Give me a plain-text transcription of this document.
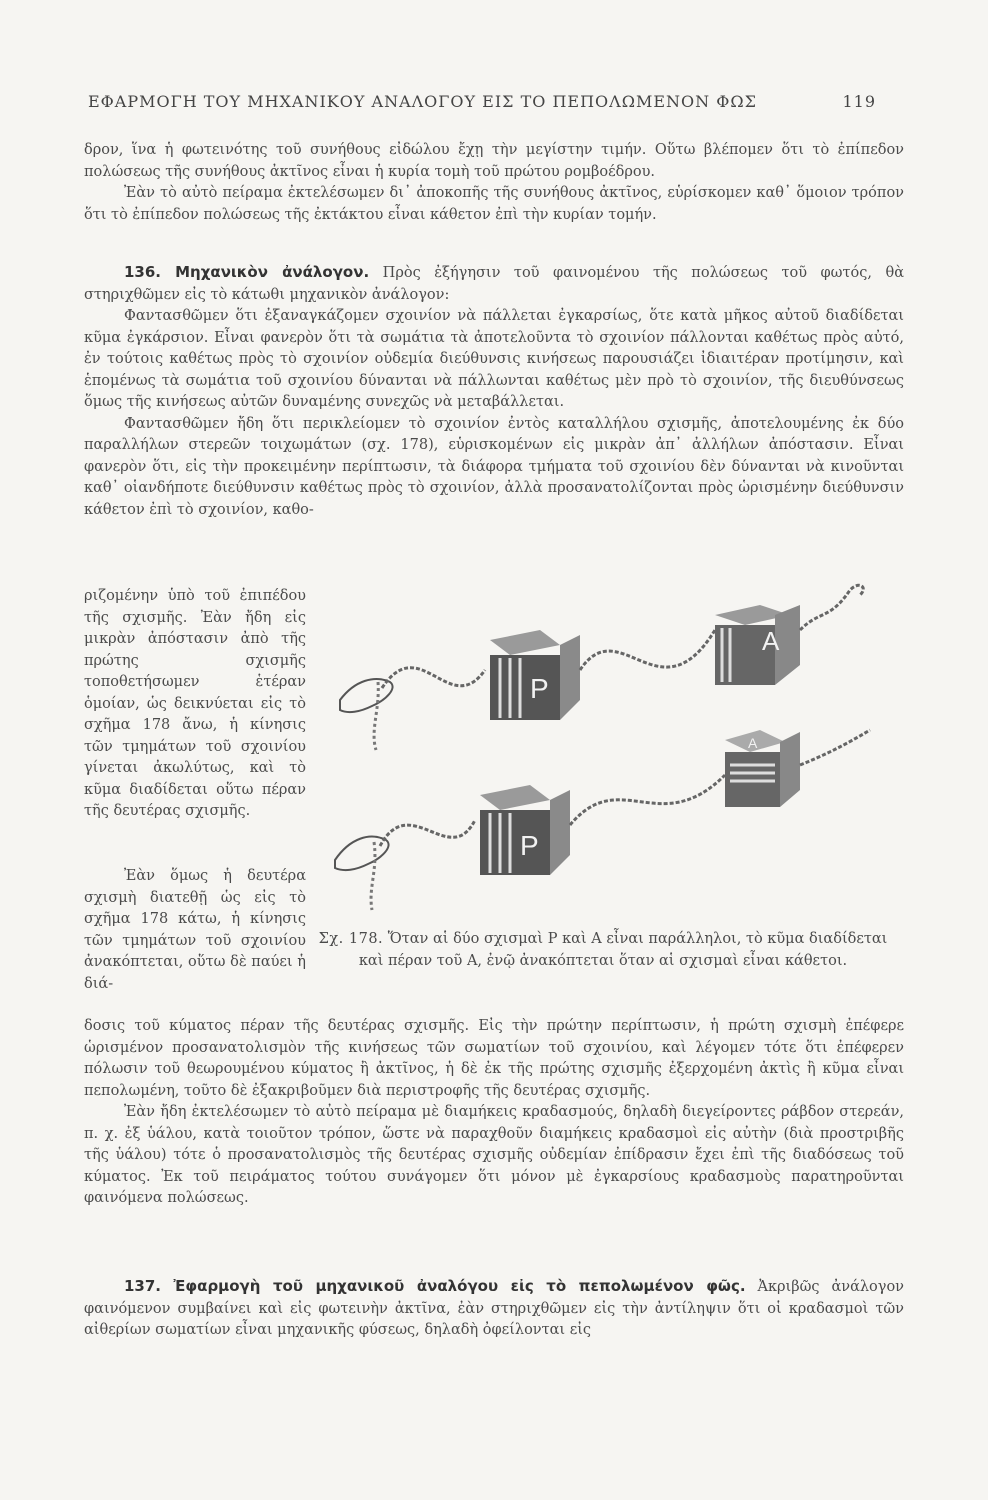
ΕΦΑΡΜΟΓΗ ΤΟΥ ΜΗΧΑΝΙΚΟΥ ΑΝΑΛΟΓΟΥ ΕΙΣ ΤΟ ΠΕΠΟΛΩΜΕΝΟΝ ΦΩΣ	119

δρον, ἵνα ἡ φωτεινότης τοῦ συνήθους εἰδώλου ἔχῃ τὴν μεγίστην τιμήν. Οὕτω βλέπομεν ὅτι τὸ ἐπίπεδον πολώσεως τῆς συνήθους ἀκτῖνος εἶναι ἡ κυρία τομὴ τοῦ πρώτου ρομβοέδρου.

Ἐὰν τὸ αὐτὸ πείραμα ἐκτελέσωμεν δι᾽ ἀποκοπῆς τῆς συνήθους ἀκτῖνος, εὑρίσκομεν καθ᾽ ὅμοιον τρόπον ὅτι τὸ ἐπίπεδον πολώσεως τῆς ἐκτάκτου εἶναι κάθετον ἐπὶ τὴν κυρίαν τομήν.

136. Μηχανικὸν ἀνάλογον. Πρὸς ἐξήγησιν τοῦ φαινομένου τῆς πολώσεως τοῦ φωτός, θὰ στηριχθῶμεν εἰς τὸ κάτωθι μηχανικὸν ἀνάλογον:

Φαντασθῶμεν ὅτι ἐξαναγκάζομεν σχοινίον νὰ πάλλεται ἐγκαρσίως, ὅτε κατὰ μῆκος αὐτοῦ διαδίδεται κῦμα ἐγκάρσιον. Εἶναι φανερὸν ὅτι τὰ σωμάτια τὰ ἀποτελοῦντα τὸ σχοινίον πάλλονται καθέτως πρὸς αὐτό, ἐν τούτοις καθέτως πρὸς τὸ σχοινίον οὐδεμία διεύθυνσις κινήσεως παρουσιάζει ἰδιαιτέραν προτίμησιν, καὶ ἑπομένως τὰ σωμάτια τοῦ σχοινίου δύνανται νὰ πάλλωνται καθέτως μὲν πρὸ τὸ σχοινίον, τῆς διευθύνσεως ὅμως τῆς κινήσεως αὐτῶν δυναμένης συνεχῶς νὰ μεταβάλλεται.

Φαντασθῶμεν ἤδη ὅτι περικλείομεν τὸ σχοινίον ἐντὸς καταλλήλου σχισμῆς, ἀποτελουμένης ἐκ δύο παραλλήλων στερεῶν τοιχωμάτων (σχ. 178), εὑρισκομένων εἰς μικρὰν ἀπ᾽ ἀλλήλων ἀπόστασιν. Εἶναι φανερὸν ὅτι, εἰς τὴν προκειμένην περίπτωσιν, τὰ διάφορα τμήματα τοῦ σχοινίου δὲν δύνανται νὰ κινοῦνται καθ᾽ οἱανδήποτε διεύθυνσιν καθέτως πρὸς τὸ σχοινίον, ἀλλὰ προσανατολίζονται πρὸς ὡρισμένην διεύθυνσιν κάθετον ἐπὶ τὸ σχοινίον, καθο-

ριζομένην ὑπὸ τοῦ ἐπιπέδου τῆς σχισμῆς. Ἐὰν ἤδη εἰς μικρὰν ἀπόστασιν ἀπὸ τῆς πρώτης σχισμῆς τοποθετήσωμεν ἑτέραν ὁμοίαν, ὡς δεικνύεται εἰς τὸ σχῆμα 178 ἄνω, ἡ κίνησις τῶν τμημάτων τοῦ σχοινίου γίνεται ἀκωλύτως, καὶ τὸ κῦμα διαδίδεται οὕτω πέραν τῆς δευτέρας σχισμῆς.
Ἐὰν ὅμως ἡ δευτέρα σχισμὴ διατεθῇ ὡς εἰς τὸ σχῆμα 178 κάτω, ἡ κίνησις τῶν τμημάτων τοῦ σχοινίου ἀνακόπτεται, οὕτω δὲ παύει ἡ διά-
P
A
P
A
Σχ. 178. Ὅταν αἱ δύο σχισμαὶ P καὶ A εἶναι παράλληλοι, τὸ κῦμα διαδίδεται καὶ πέραν τοῦ A, ἐνῷ ἀνακόπτεται ὅταν αἱ σχισμαὶ εἶναι κάθετοι.

δοσις τοῦ κύματος πέραν τῆς δευτέρας σχισμῆς. Εἰς τὴν πρώτην περίπτωσιν, ἡ πρώτη σχισμὴ ἐπέφερε ὡρισμένον προσανατολισμὸν τῆς κινήσεως τῶν σωματίων τοῦ σχοινίου, καὶ λέγομεν τότε ὅτι ἐπέφερεν πόλωσιν τοῦ θεωρουμένου κύματος ἢ ἀκτῖνος, ἡ δὲ ἐκ τῆς πρώτης σχισμῆς ἐξερχομένη ἀκτὶς ἢ κῦμα εἶναι πεπολωμένη, τοῦτο δὲ ἐξακριβοῦμεν διὰ περιστροφῆς τῆς δευτέρας σχισμῆς.

Ἐὰν ἤδη ἐκτελέσωμεν τὸ αὐτὸ πείραμα μὲ διαμήκεις κραδασμούς, δηλαδὴ διεγείροντες ράβδον στερεάν, π. χ. ἐξ ὑάλου, κατὰ τοιοῦτον τρόπον, ὥστε νὰ παραχθοῦν διαμήκεις κραδασμοὶ εἰς αὐτὴν (διὰ προστριβῆς τῆς ὑάλου) τότε ὁ προσανατολισμὸς τῆς δευτέρας σχισμῆς οὐδεμίαν ἐπίδρασιν ἔχει ἐπὶ τῆς διαδόσεως τοῦ κύματος. Ἐκ τοῦ πειράματος τούτου συνάγομεν ὅτι μόνον μὲ ἐγκαρσίους κραδασμοὺς παρατηροῦνται φαινόμενα πολώσεως.

137. Ἐφαρμογὴ τοῦ μηχανικοῦ ἀναλόγου εἰς τὸ πεπολωμένον φῶς. Ἀκριβῶς ἀνάλογον φαινόμενον συμβαίνει καὶ εἰς φωτεινὴν ἀκτῖνα, ἐὰν στηριχθῶμεν εἰς τὴν ἀντίληψιν ὅτι οἱ κραδασμοὶ τῶν αἰθερίων σωματίων εἶναι μηχανικῆς φύσεως, δηλαδὴ ὀφείλονται εἰς
